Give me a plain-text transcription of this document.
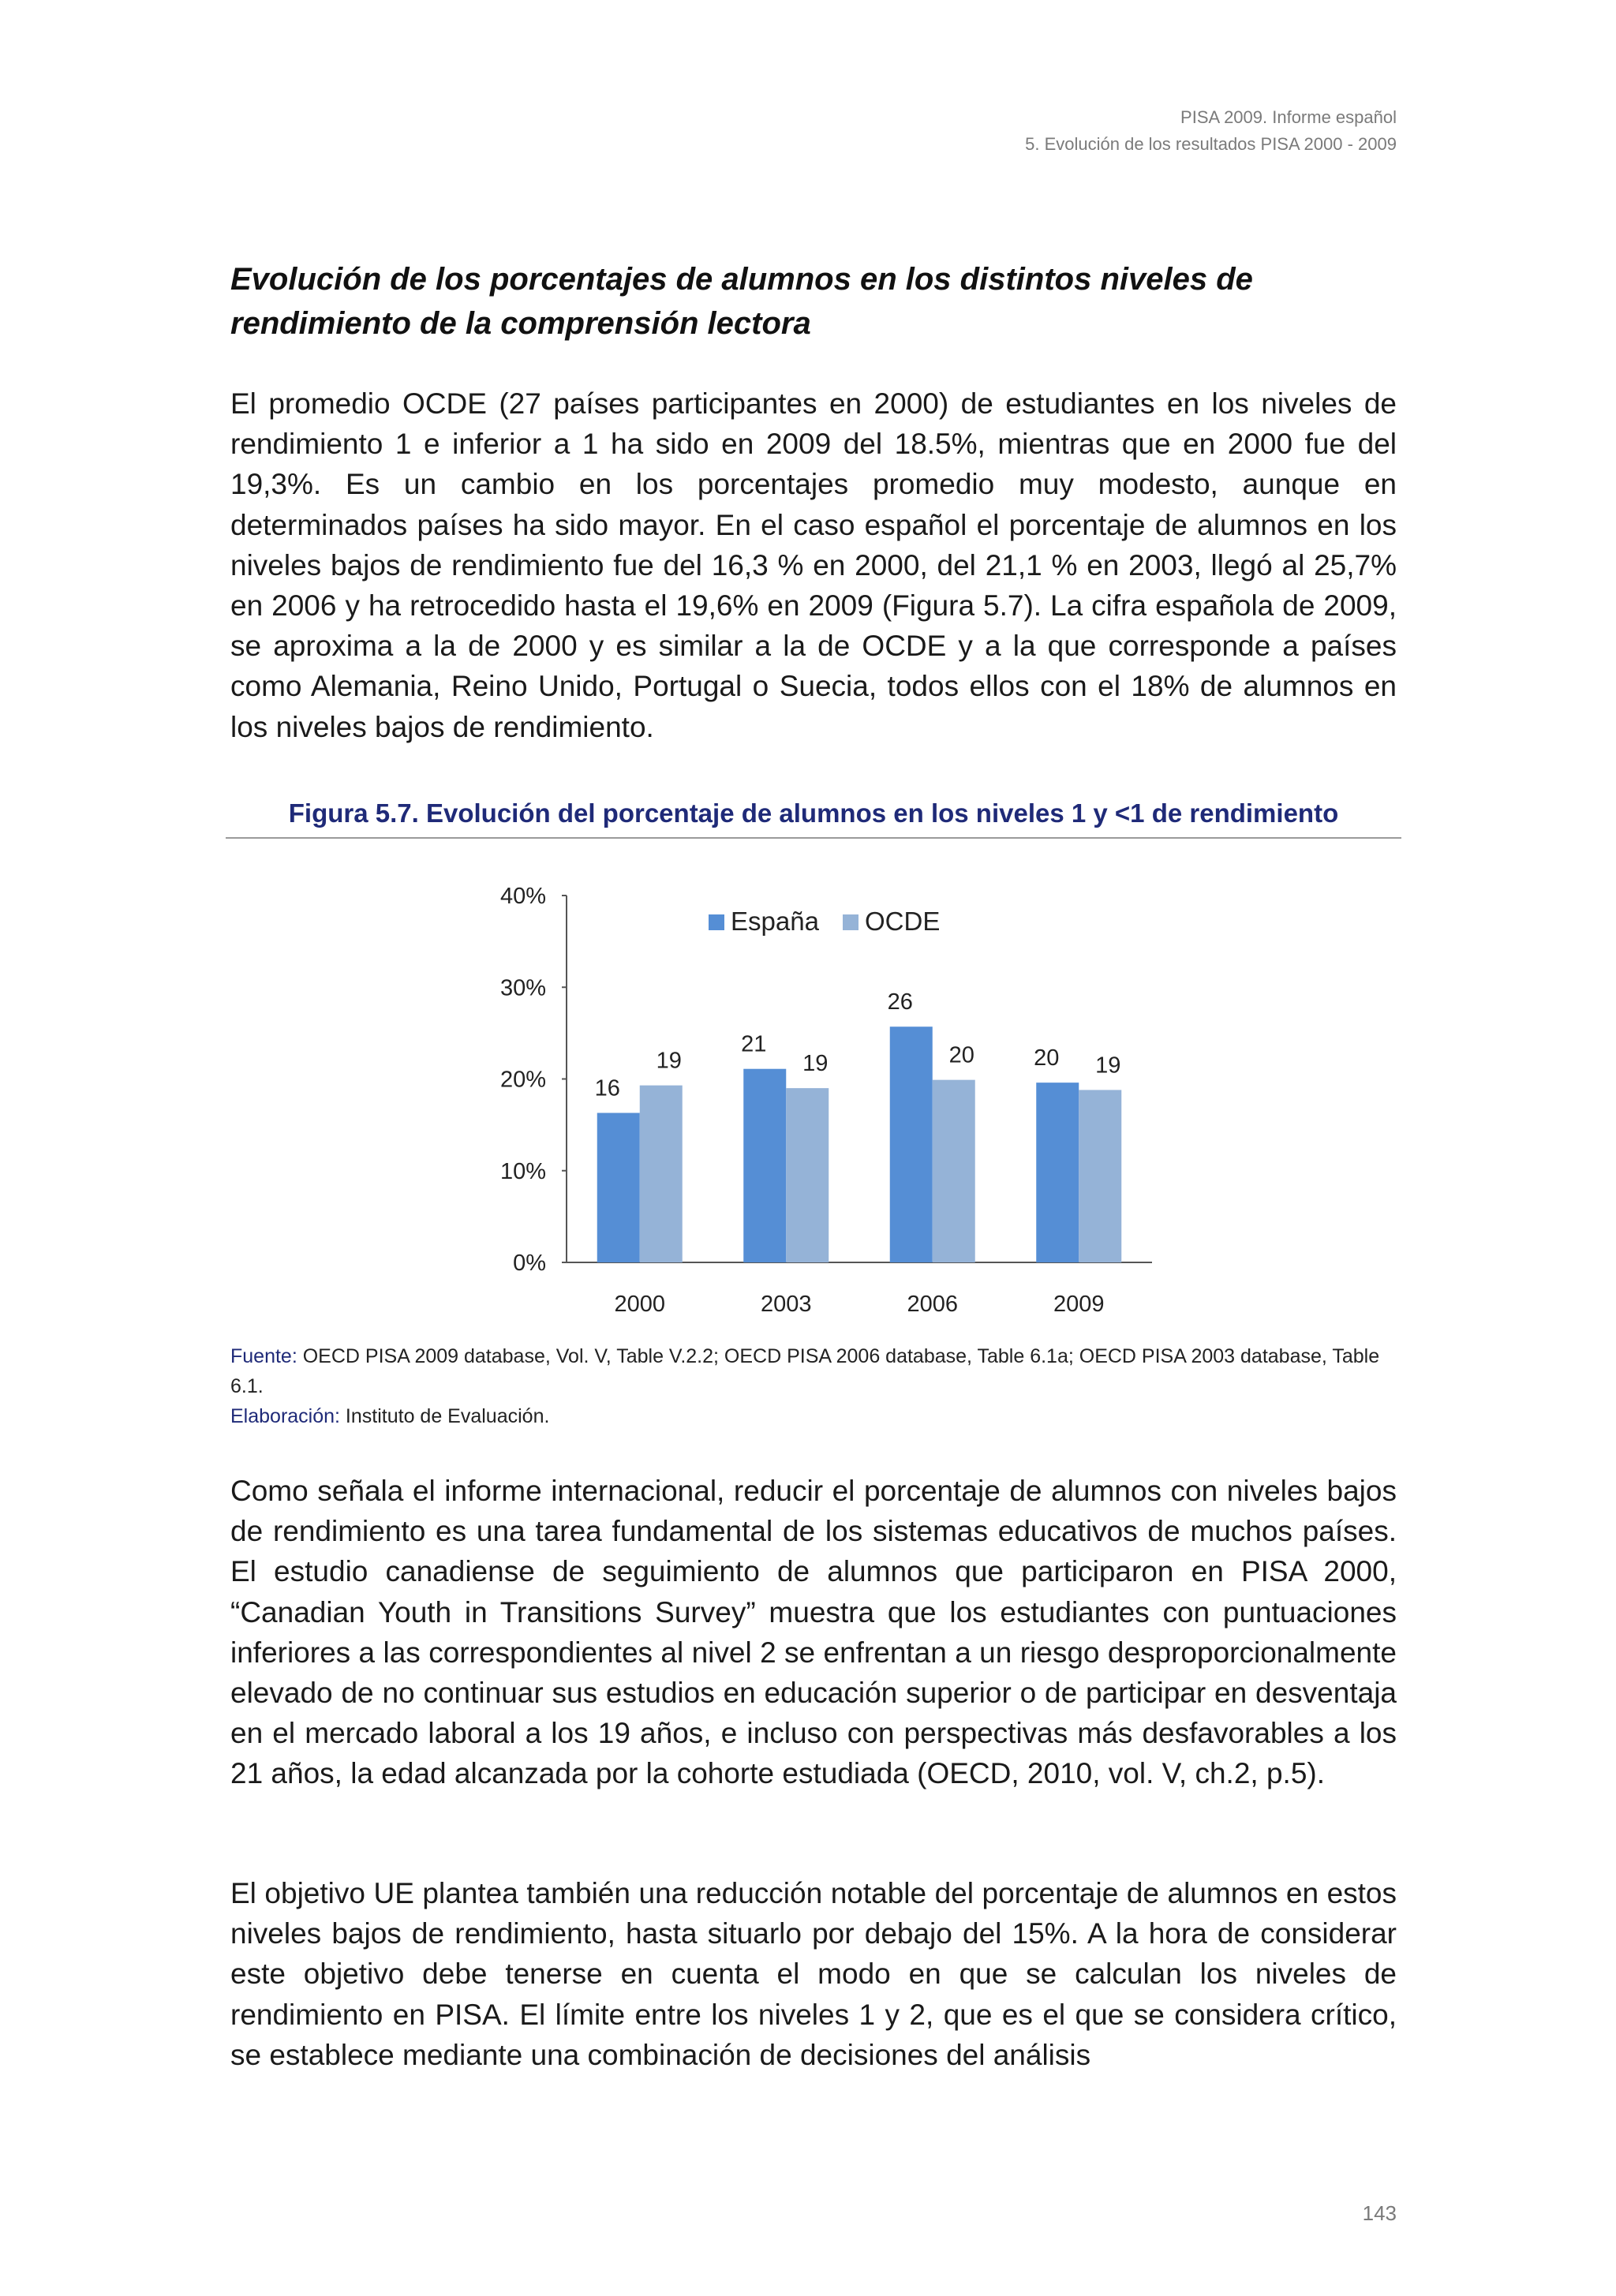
PISA 2009. Informe español
5. Evolución de los resultados PISA 2000 - 2009
Evolución de los porcentajes de alumnos en los distintos niveles de
rendimiento de la comprensión lectora

El promedio OCDE (27 países participantes en 2000) de estudiantes en los niveles de rendimiento 1 e inferior a 1 ha sido en 2009 del 18.5%, mientras que en 2000 fue del 19,3%. Es un cambio en los porcentajes promedio muy modesto, aunque en determinados países ha sido mayor. En el caso español el porcentaje de alumnos en los niveles bajos de rendimiento fue del 16,3 % en 2000, del 21,1 % en 2003, llegó al 25,7% en 2006 y ha retrocedido hasta el 19,6% en 2009 (Figura 5.7). La cifra española de 2009, se aproxima a la de 2000 y es similar a la de OCDE y a la que corresponde a países como Alemania, Reino Unido, Portugal o Suecia, todos ellos con el 18% de alumnos en los niveles bajos de rendimiento.

Figura 5.7. Evolución del porcentaje de alumnos en los niveles 1 y <1 de rendimiento
0%
10%
20%
30%
40%
16
19
2000
21
19
2003
26
20
2006
20 19
2009
España OCDE
Fuente: OECD PISA 2009 database, Vol. V, Table V.2.2; OECD PISA 2006 database, Table 6.1a; OECD PISA 2003 database, Table 6.1.
Elaboración: Instituto de Evaluación.

Como señala el informe internacional, reducir el porcentaje de alumnos con niveles bajos de rendimiento es una tarea fundamental de los sistemas educativos de muchos países. El estudio canadiense de seguimiento de alumnos que participaron en PISA 2000, “Canadian Youth in Transitions Survey” muestra que los estudiantes con puntuaciones inferiores a las correspondientes al nivel 2 se enfrentan a un riesgo desproporcionalmente elevado de no continuar sus estudios en educación superior o de participar en desventaja en el mercado laboral a los 19 años, e incluso con perspectivas más desfavorables a los 21 años, la edad alcanzada por la cohorte estudiada (OECD, 2010, vol. V, ch.2, p.5).

El objetivo UE plantea también una reducción notable del porcentaje de alumnos en estos niveles bajos de rendimiento, hasta situarlo por debajo del 15%. A la hora de considerar este objetivo debe tenerse en cuenta el modo en que se calculan los niveles de rendimiento en PISA. El límite entre los niveles 1 y 2, que es el que se considera crítico, se establece mediante una combinación de decisiones del análisis

143
